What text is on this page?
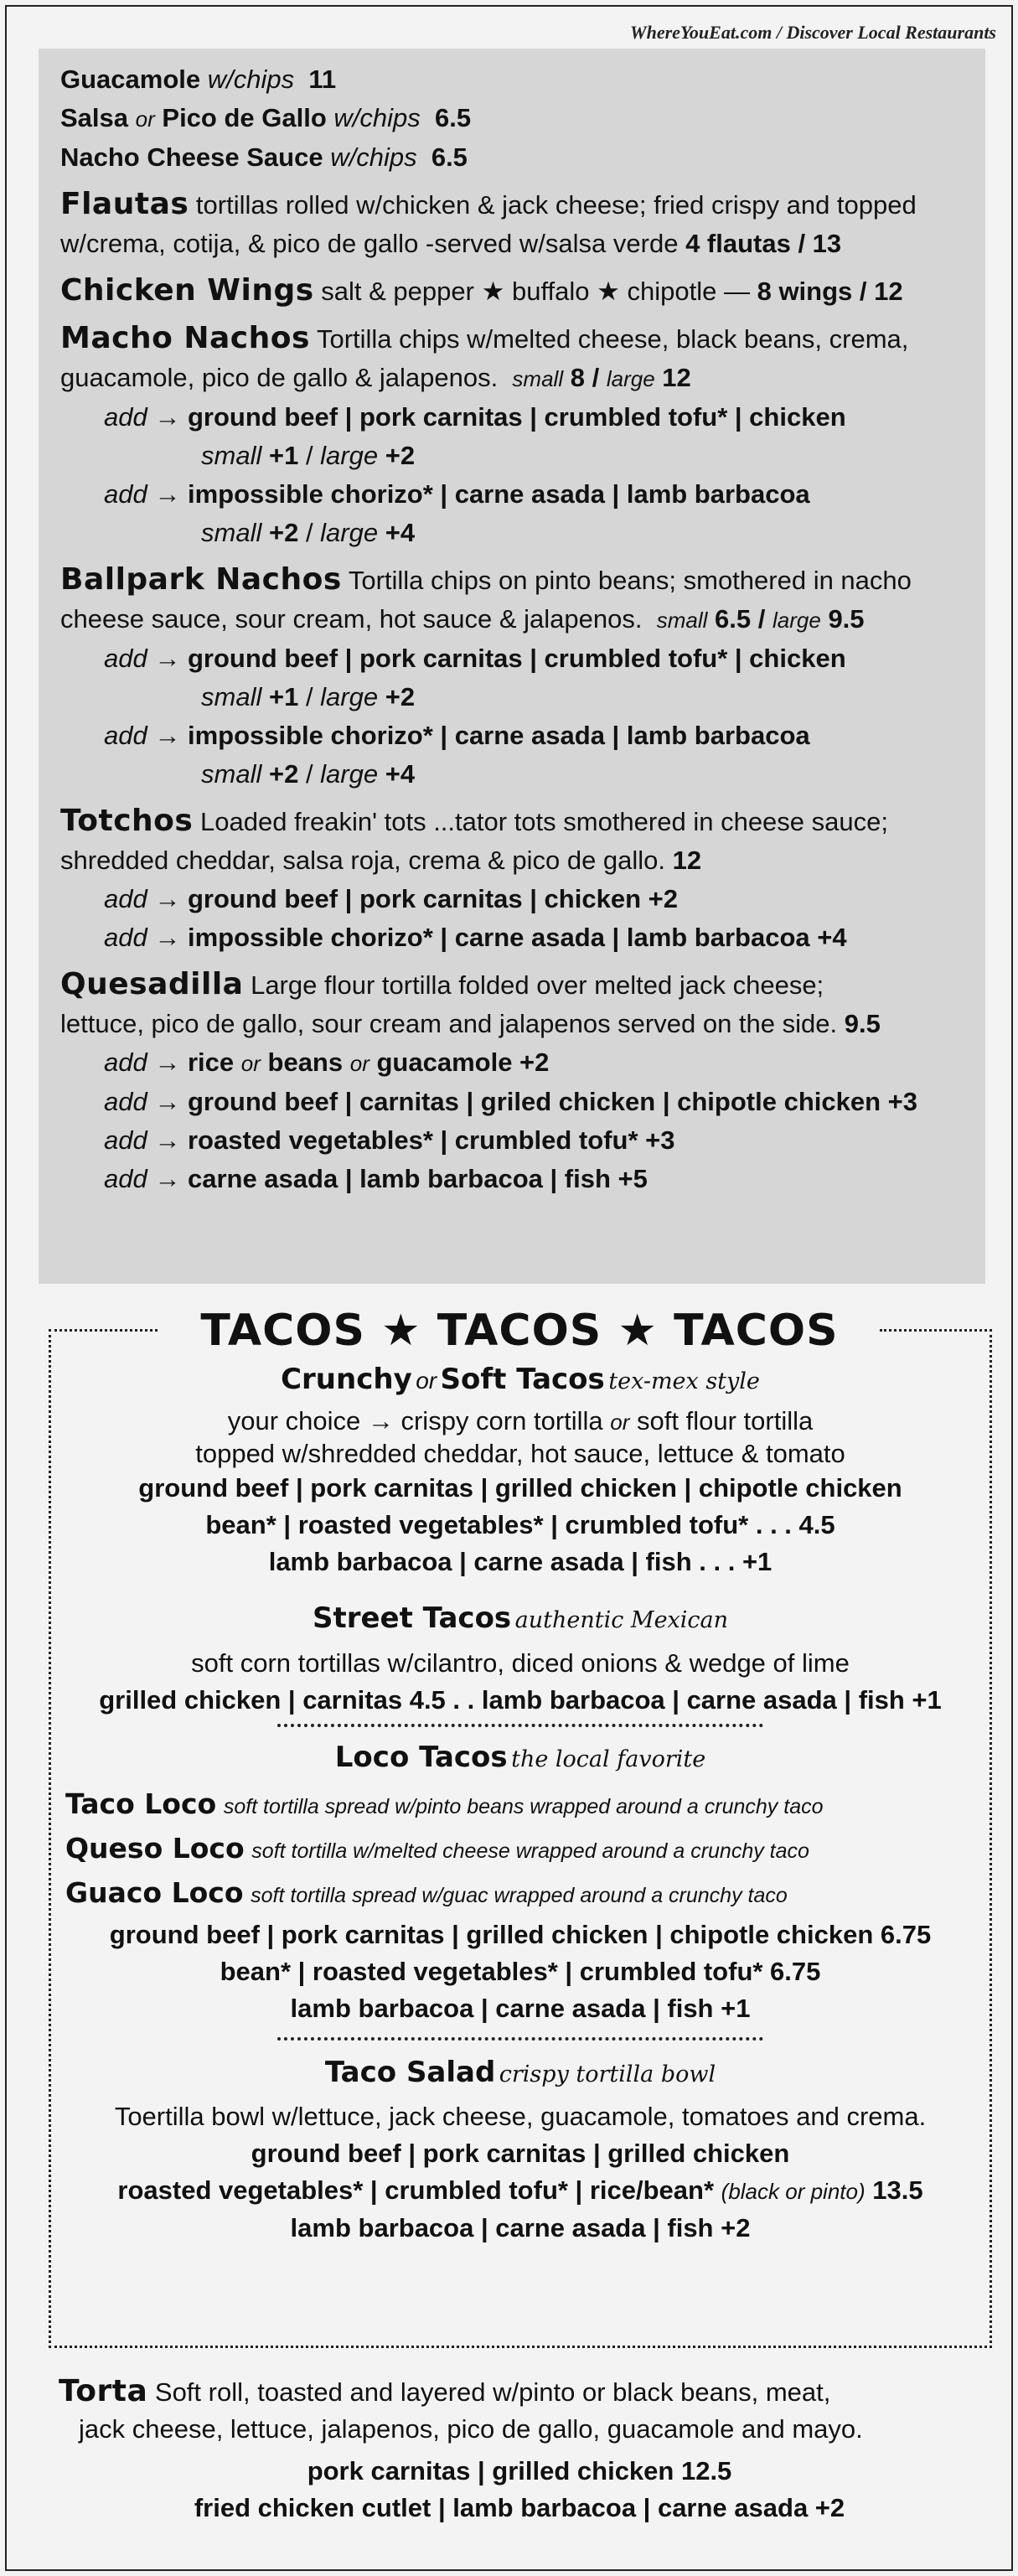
WhereYouEat.com / Discover Local Restaurants
Guacamole w/chips 11
Salsa or Pico de Gallo w/chips 6.5
Nacho Cheese Sauce w/chips 6.5
Flautas tortillas rolled w/chicken & jack cheese; fried crispy and topped
w/crema, cotija, & pico de gallo -served w/salsa verde 4 flautas / 13
Chicken Wings salt & pepper ★ buffalo ★ chipotle — 8 wings / 12
Macho Nachos Tortilla chips w/melted cheese, black beans, crema,
guacamole, pico de gallo & jalapenos. small 8 / large 12
add → ground beef | pork carnitas | crumbled tofu* | chicken
small +1 / large +2
add → impossible chorizo* | carne asada | lamb barbacoa
small +2 / large +4
Ballpark Nachos Tortilla chips on pinto beans; smothered in nacho
cheese sauce, sour cream, hot sauce & jalapenos. small 6.5 / large 9.5
add → ground beef | pork carnitas | crumbled tofu* | chicken
small +1 / large +2
add → impossible chorizo* | carne asada | lamb barbacoa
small +2 / large +4
Totchos Loaded freakin' tots ...tator tots smothered in cheese sauce;
shredded cheddar, salsa roja, crema & pico de gallo. 12
add → ground beef | pork carnitas | chicken +2
add → impossible chorizo* | carne asada | lamb barbacoa +4
Quesadilla Large flour tortilla folded over melted jack cheese;
lettuce, pico de gallo, sour cream and jalapenos served on the side. 9.5
add → rice or beans or guacamole +2
add → ground beef | carnitas | griled chicken | chipotle chicken +3
add → roasted vegetables* | crumbled tofu* +3
add → carne asada | lamb barbacoa | fish +5
TACOS ★ TACOS ★ TACOS
Crunchy or Soft Tacos tex-mex style
your choice → crispy corn tortilla or soft flour tortilla
topped w/shredded cheddar, hot sauce, lettuce & tomato
ground beef | pork carnitas | grilled chicken | chipotle chicken
bean* | roasted vegetables* | crumbled tofu* . . . 4.5
lamb barbacoa | carne asada | fish . . . +1
Street Tacos authentic Mexican
soft corn tortillas w/cilantro, diced onions & wedge of lime
grilled chicken | carnitas 4.5 . . lamb barbacoa | carne asada | fish +1
Loco Tacos the local favorite
Taco Loco soft tortilla spread w/pinto beans wrapped around a crunchy taco
Queso Loco soft tortilla w/melted cheese wrapped around a crunchy taco
Guaco Loco soft tortilla spread w/guac wrapped around a crunchy taco
ground beef | pork carnitas | grilled chicken | chipotle chicken 6.75
bean* | roasted vegetables* | crumbled tofu* 6.75
lamb barbacoa | carne asada | fish +1
Taco Salad crispy tortilla bowl
Toertilla bowl w/lettuce, jack cheese, guacamole, tomatoes and crema.
ground beef | pork carnitas | grilled chicken
roasted vegetables* | crumbled tofu* | rice/bean* (black or pinto) 13.5
lamb barbacoa | carne asada | fish +2
Torta Soft roll, toasted and layered w/pinto or black beans, meat,
jack cheese, lettuce, jalapenos, pico de gallo, guacamole and mayo.
pork carnitas | grilled chicken 12.5
fried chicken cutlet | lamb barbacoa | carne asada +2
